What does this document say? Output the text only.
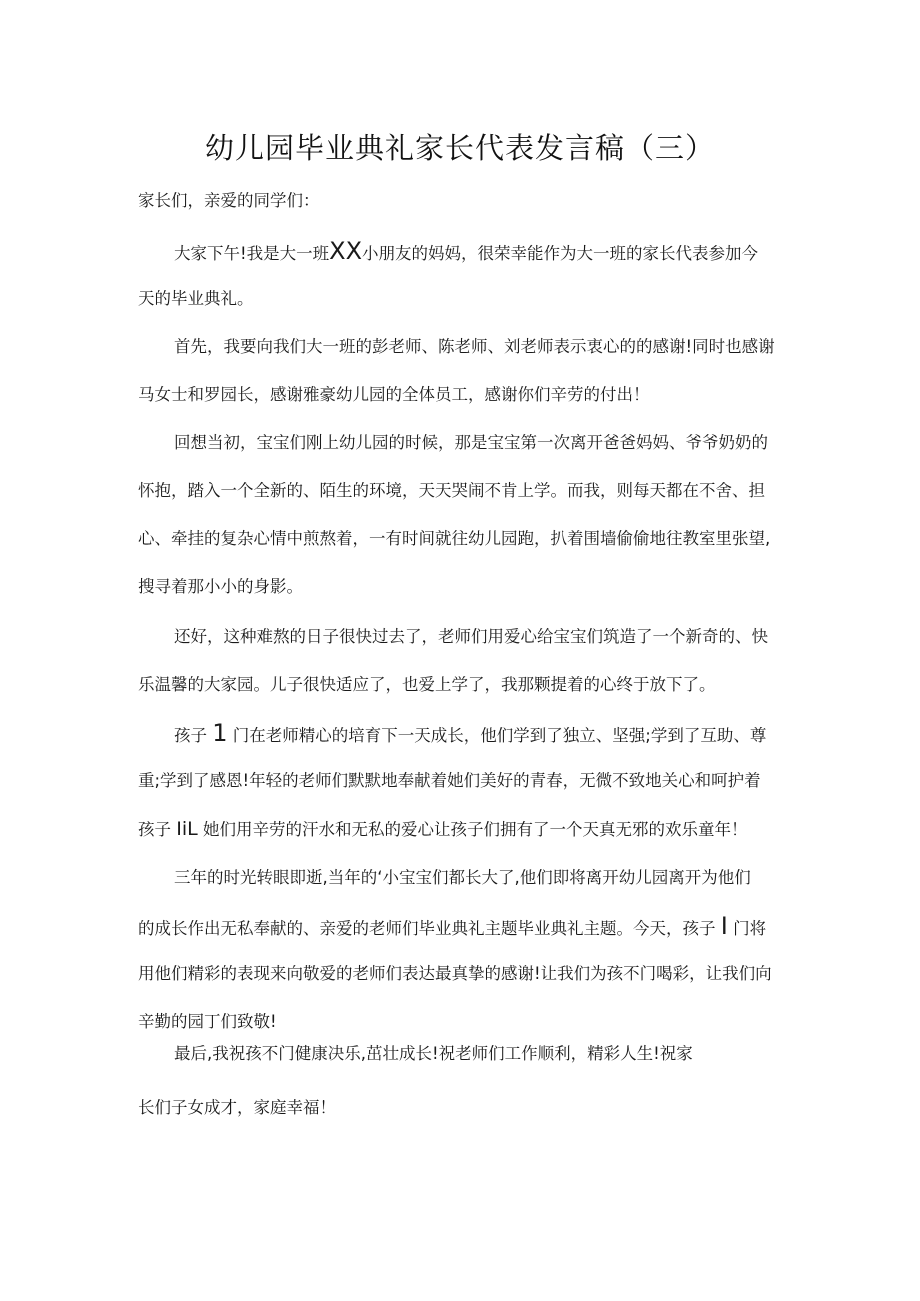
幼儿园毕业典礼家长代表发言稿（三）
家长们，亲爱的同学们：
大家下午!我是大一班XX小朋友的妈妈，很荣幸能作为大一班的家长代表参加今
天的毕业典礼。
首先，我要向我们大一班的彭老师、陈老师、刘老师表示衷心的的感谢!同时也感谢
马女士和罗园长，感谢雅豪幼儿园的全体员工，感谢你们辛劳的付出！
回想当初，宝宝们刚上幼儿园的时候，那是宝宝第一次离开爸爸妈妈、爷爷奶奶的
怀抱，踏入一个全新的、陌生的环境，天天哭闹不肯上学。而我，则每天都在不舍、担
心、牵挂的复杂心情中煎熬着，一有时间就往幼儿园跑，扒着围墙偷偷地往教室里张望,
搜寻着那小小的身影。
还好，这种难熬的日子很快过去了，老师们用爱心给宝宝们筑造了一个新奇的、快
乐温馨的大家园。儿子很快适应了，也爱上学了，我那颗提着的心终于放下了。
孩子 1 门在老师精心的培育下一天成长，他们学到了独立、坚强;学到了互助、尊
重;学到了感恩!年轻的老师们默默地奉献着她们美好的青春，无微不致地关心和呵护着
孩子 IiL 她们用辛劳的汗水和无私的爱心让孩子们拥有了一个天真无邪的欢乐童年！
三年的时光转眼即逝,当年的‘小宝宝们都长大了,他们即将离开幼儿园离开为他们
的成长作出无私奉献的、亲爱的老师们毕业典礼主题毕业典礼主题。今天，孩子 I 门将
用他们精彩的表现来向敬爱的老师们表达最真挚的感谢!让我们为孩不门喝彩，让我们向
辛勤的园丁们致敬!
最后,我祝孩不门健康决乐,茁壮成长!祝老师们工作顺利，精彩人生!祝家
长们子女成才，家庭幸福！
